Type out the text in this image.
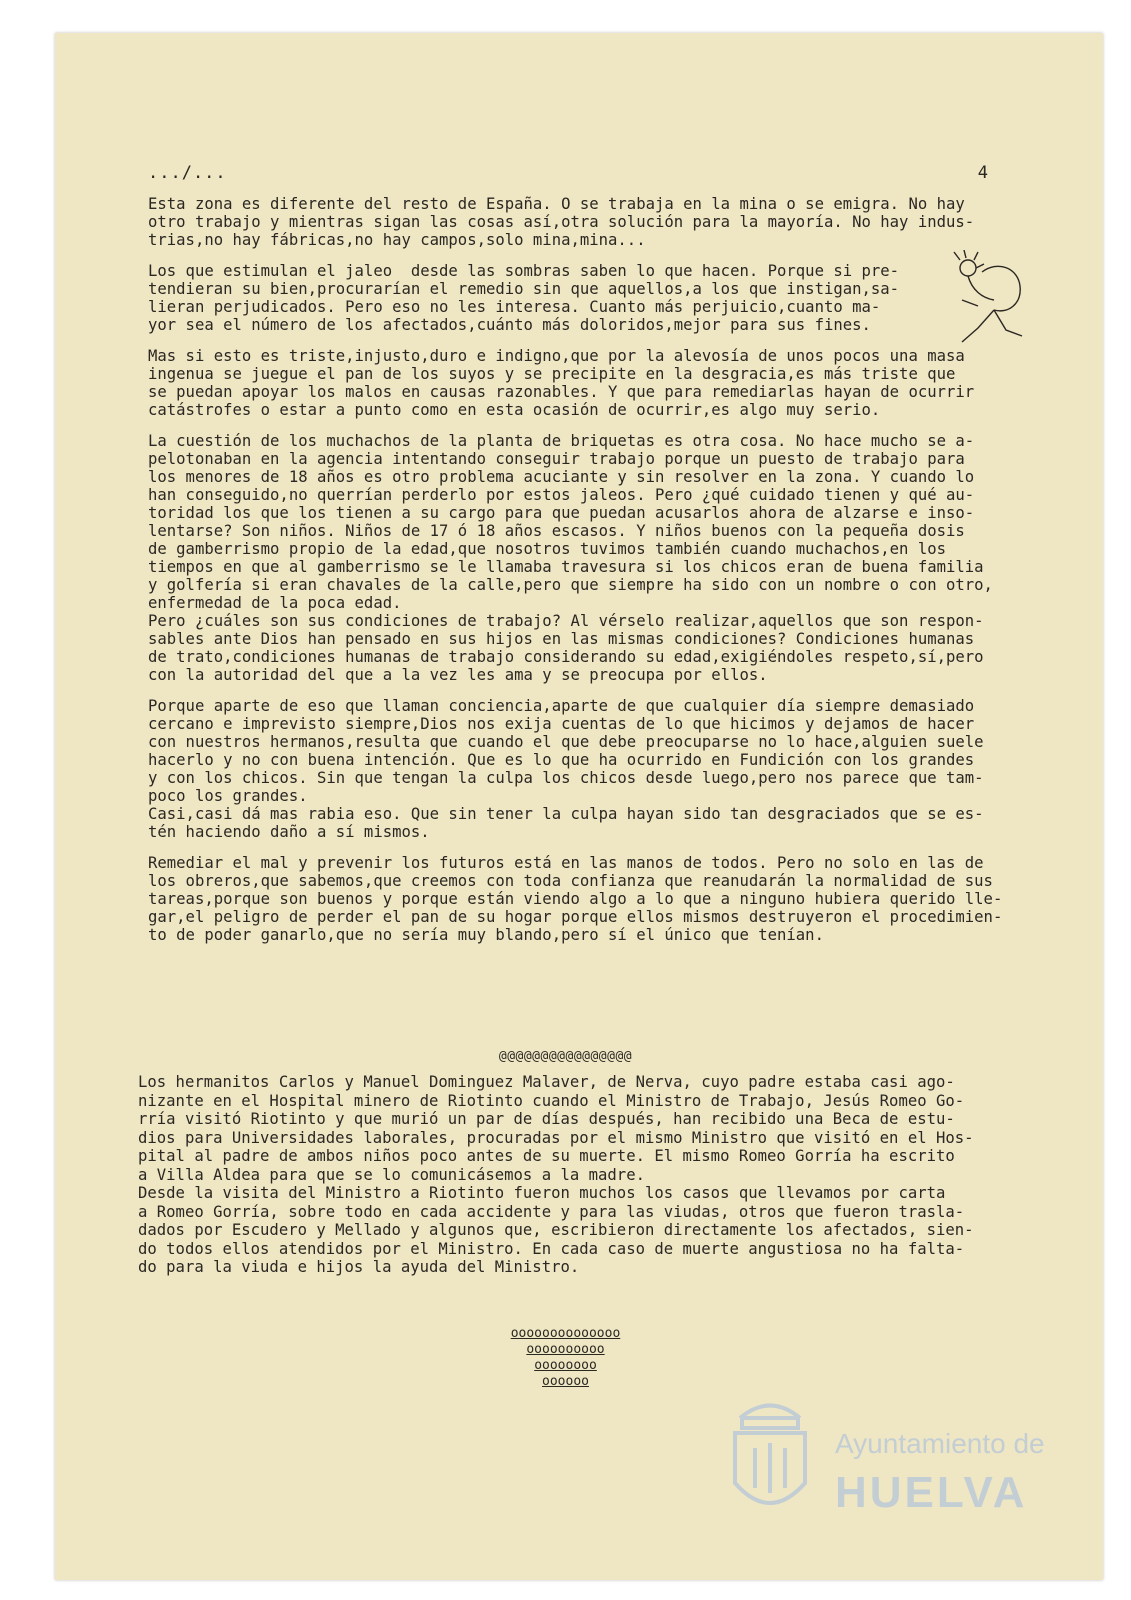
.../...	4

Esta zona es diferente del resto de España. O se trabaja en la mina o se emigra. No hay
otro trabajo y mientras sigan las cosas así,otra solución para la mayoría. No hay indus-
trias,no hay fábricas,no hay campos,solo mina,mina...

Los que estimulan el jaleo  desde las sombras saben lo que hacen. Porque si pre-
tendieran su bien,procurarían el remedio sin que aquellos,a los que instigan,sa-
lieran perjudicados. Pero eso no les interesa. Cuanto más perjuicio,cuanto ma-
yor sea el número de los afectados,cuánto más doloridos,mejor para sus fines.

Mas si esto es triste,injusto,duro e indigno,que por la alevosía de unos pocos una masa
ingenua se juegue el pan de los suyos y se precipite en la desgracia,es más triste que
se puedan apoyar los malos en causas razonables. Y que para remediarlas hayan de ocurrir
catástrofes o estar a punto como en esta ocasión de ocurrir,es algo muy serio.

La cuestión de los muchachos de la planta de briquetas es otra cosa. No hace mucho se a-
pelotonaban en la agencia intentando conseguir trabajo porque un puesto de trabajo para
los menores de 18 años es otro problema acuciante y sin resolver en la zona. Y cuando lo
han conseguido,no querrían perderlo por estos jaleos. Pero ¿qué cuidado tienen y qué au-
toridad los que los tienen a su cargo para que puedan acusarlos ahora de alzarse e inso-
lentarse? Son niños. Niños de 17 ó 18 años escasos. Y niños buenos con la pequeña dosis
de gamberrismo propio de la edad,que nosotros tuvimos también cuando muchachos,en los
tiempos en que al gamberrismo se le llamaba travesura si los chicos eran de buena familia
y golfería si eran chavales de la calle,pero que siempre ha sido con un nombre o con otro,
enfermedad de la poca edad.
Pero ¿cuáles son sus condiciones de trabajo? Al vérselo realizar,aquellos que son respon-
sables ante Dios han pensado en sus hijos en las mismas condiciones? Condiciones humanas
de trato,condiciones humanas de trabajo considerando su edad,exigiéndoles respeto,sí,pero
con la autoridad del que a la vez les ama y se preocupa por ellos.

Porque aparte de eso que llaman conciencia,aparte de que cualquier día siempre demasiado
cercano e imprevisto siempre,Dios nos exija cuentas de lo que hicimos y dejamos de hacer
con nuestros hermanos,resulta que cuando el que debe preocuparse no lo hace,alguien suele
hacerlo y no con buena intención. Que es lo que ha ocurrido en Fundición con los grandes
y con los chicos. Sin que tengan la culpa los chicos desde luego,pero nos parece que tam-
poco los grandes.
Casi,casi dá mas rabia eso. Que sin tener la culpa hayan sido tan desgraciados que se es-
tén haciendo daño a sí mismos.

Remediar el mal y prevenir los futuros está en las manos de todos. Pero no solo en las de
los obreros,que sabemos,que creemos con toda confianza que reanudarán la normalidad de sus
tareas,porque son buenos y porque están viendo algo a lo que a ninguno hubiera querido lle-
gar,el peligro de perder el pan de su hogar porque ellos mismos destruyeron el procedimien-
to de poder ganarlo,que no sería muy blando,pero sí el único que tenían.

@@@@@@@@@@@@@@@@

Los hermanitos Carlos y Manuel Dominguez Malaver, de Nerva, cuyo padre estaba casi ago-
nizante en el Hospital minero de Riotinto cuando el Ministro de Trabajo, Jesús Romeo Go-
rría visitó Riotinto y que murió un par de días después, han recibido una Beca de estu-
dios para Universidades laborales, procuradas por el mismo Ministro que visitó en el Hos-
pital al padre de ambos niños poco antes de su muerte. El mismo Romeo Gorría ha escrito
a Villa Aldea para que se lo comunicásemos a la madre.

Desde la visita del Ministro a Riotinto fueron muchos los casos que llevamos por carta
a Romeo Gorría, sobre todo en cada accidente y para las viudas, otros que fueron trasla-
dados por Escudero y Mellado y algunos que, escribieron directamente los afectados, sien-
do todos ellos atendidos por el Ministro. En cada caso de muerte angustiosa no ha falta-
do para la viuda e hijos la ayuda del Ministro.

oooooooooooooo
oooooooooo
oooooooo
oooooo
Ayuntamiento de
HUELVA
